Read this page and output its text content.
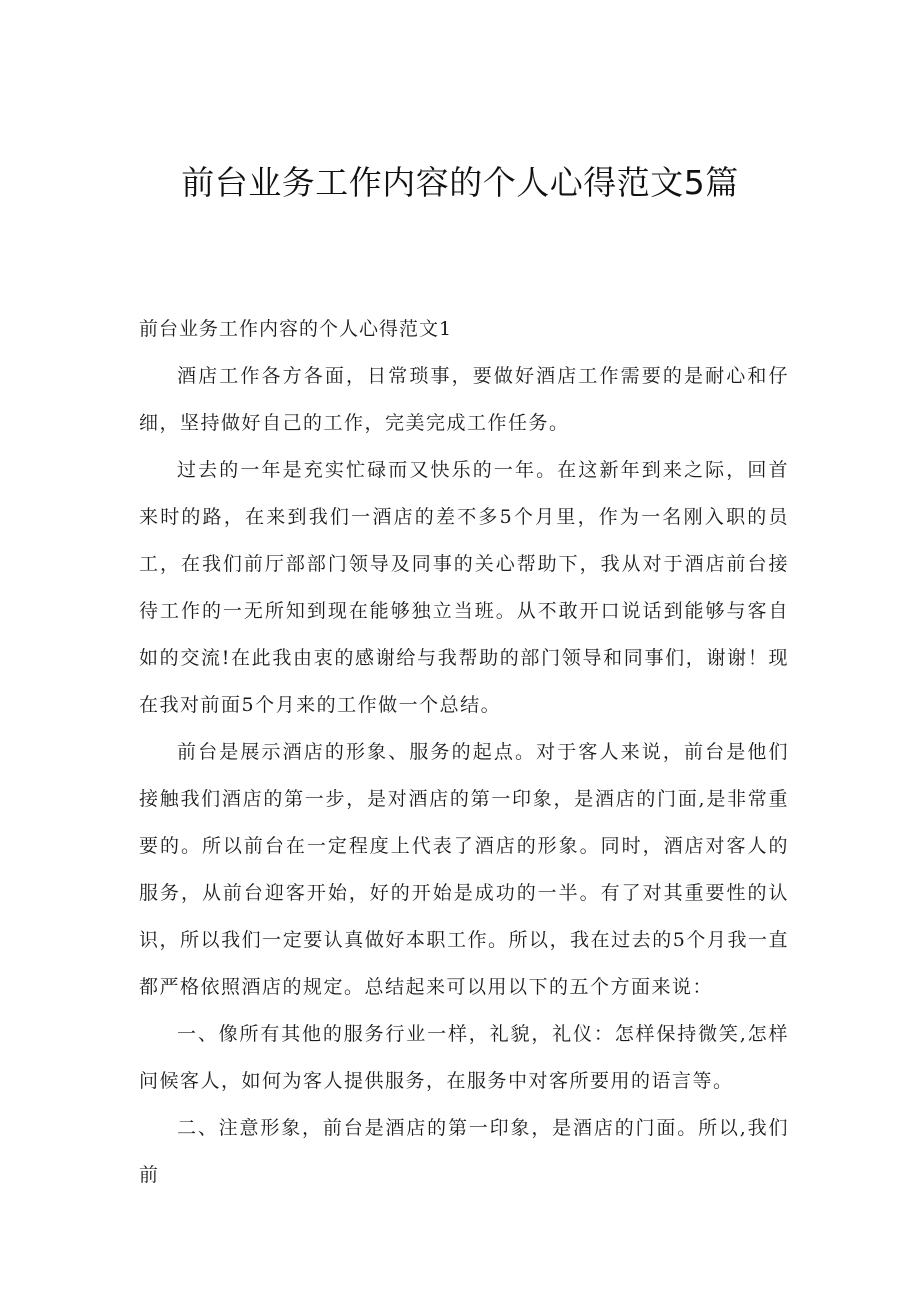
前台业务工作内容的个人心得范文5篇
前台业务工作内容的个人心得范文1

酒店工作各方各面，日常琐事，要做好酒店工作需要的是耐心和仔细，坚持做好自己的工作，完美完成工作任务。

过去的一年是充实忙碌而又快乐的一年。在这新年到来之际，回首来时的路，在来到我们一酒店的差不多5个月里，作为一名刚入职的员工，在我们前厅部部门领导及同事的关心帮助下，我从对于酒店前台接待工作的一无所知到现在能够独立当班。从不敢开口说话到能够与客自如的交流!在此我由衷的感谢给与我帮助的部门领导和同事们，谢谢！现在我对前面5个月来的工作做一个总结。

前台是展示酒店的形象、服务的起点。对于客人来说，前台是他们接触我们酒店的第一步，是对酒店的第一印象，是酒店的门面,是非常重要的。所以前台在一定程度上代表了酒店的形象。同时，酒店对客人的服务，从前台迎客开始，好的开始是成功的一半。有了对其重要性的认识，所以我们一定要认真做好本职工作。所以，我在过去的5个月我一直都严格依照酒店的规定。总结起来可以用以下的五个方面来说：

一、像所有其他的服务行业一样，礼貌，礼仪：怎样保持微笑,怎样问候客人，如何为客人提供服务，在服务中对客所要用的语言等。

二、注意形象，前台是酒店的第一印象，是酒店的门面。所以,我们前
